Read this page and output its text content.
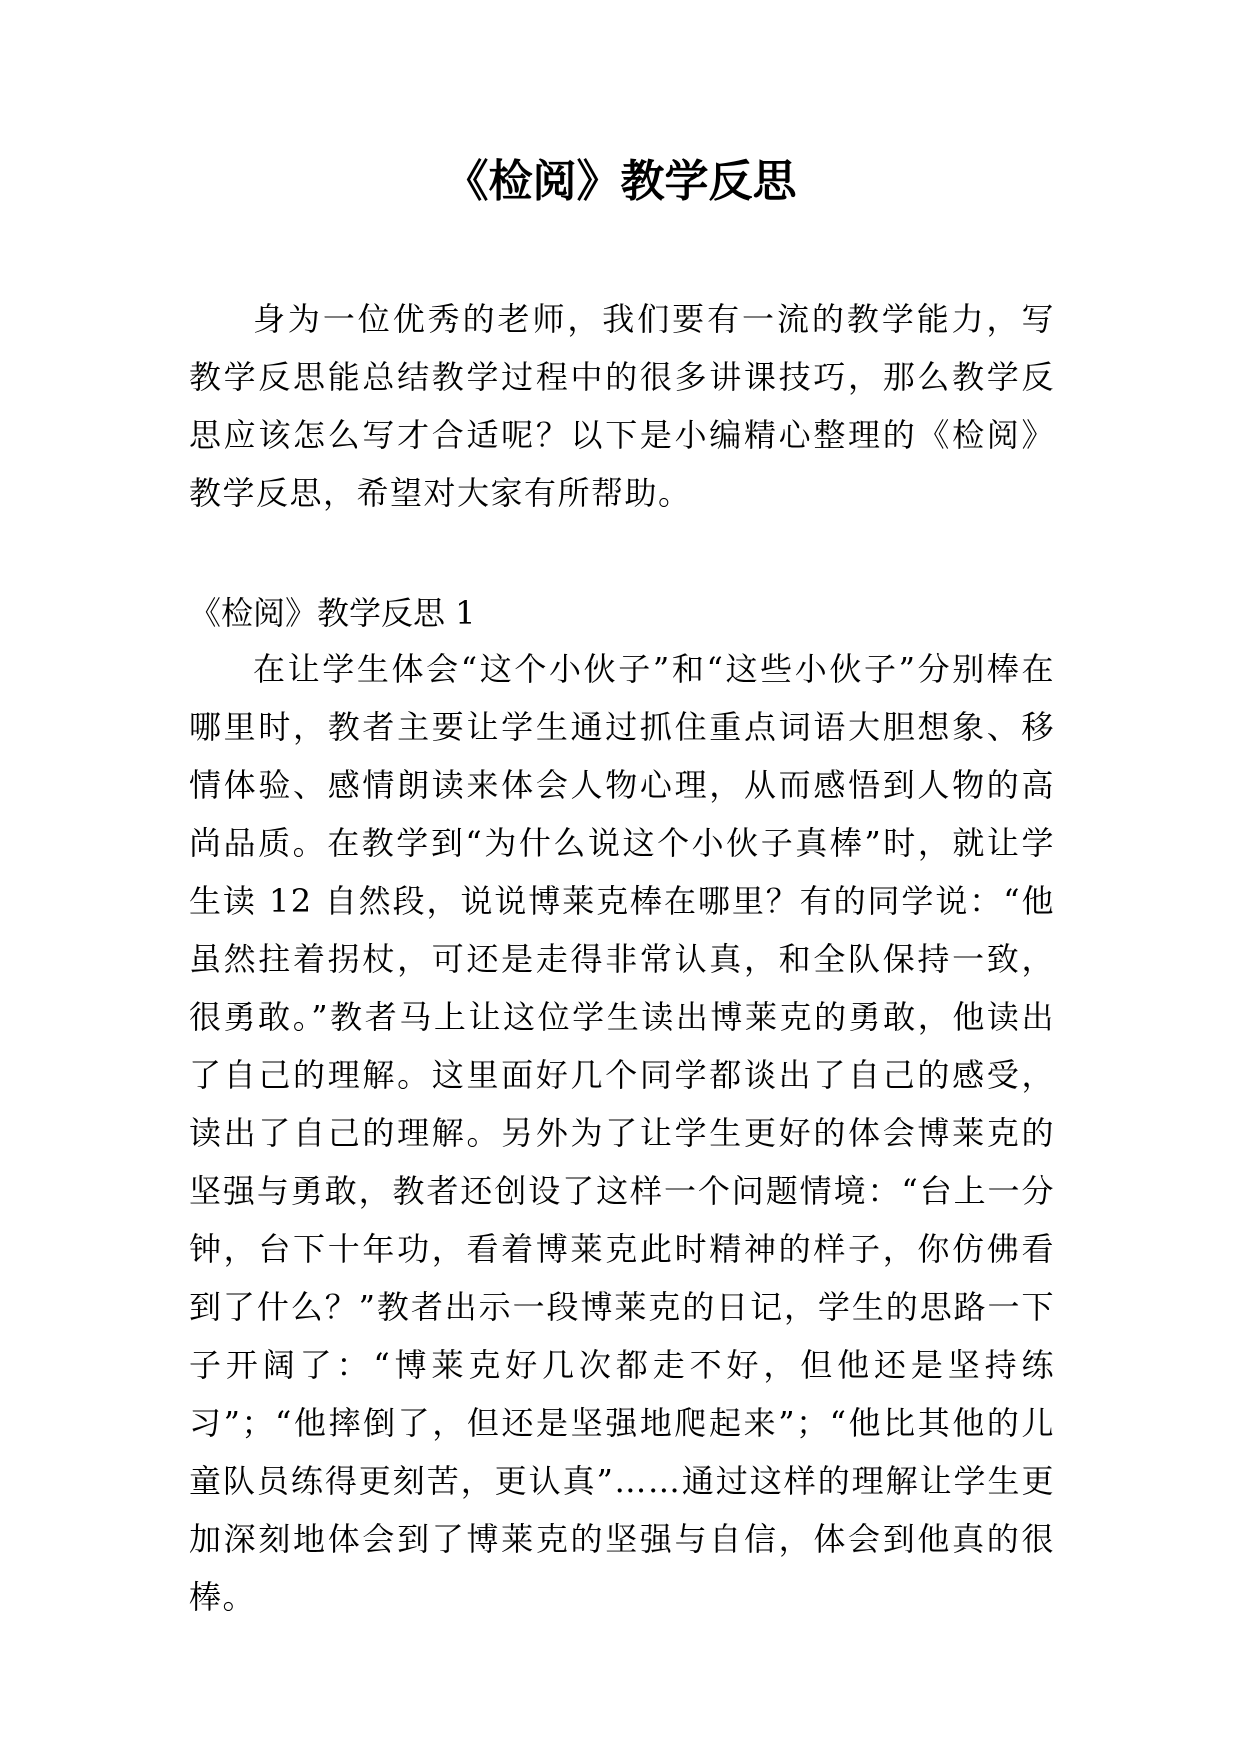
《检阅》教学反思

身为一位优秀的老师，我们要有一流的教学能力，写教学反思能总结教学过程中的很多讲课技巧，那么教学反思应该怎么写才合适呢？以下是小编精心整理的《检阅》教学反思，希望对大家有所帮助。

《检阅》教学反思 1

在让学生体会“这个小伙子”和“这些小伙子”分别棒在哪里时，教者主要让学生通过抓住重点词语大胆想象、移情体验、感情朗读来体会人物心理，从而感悟到人物的高尚品质。在教学到“为什么说这个小伙子真棒”时，就让学生读 12 自然段，说说博莱克棒在哪里？有的同学说：“他虽然拄着拐杖，可还是走得非常认真，和全队保持一致，很勇敢。”教者马上让这位学生读出博莱克的勇敢，他读出了自己的理解。这里面好几个同学都谈出了自己的感受，读出了自己的理解。另外为了让学生更好的体会博莱克的坚强与勇敢，教者还创设了这样一个问题情境：“台上一分钟，台下十年功，看着博莱克此时精神的样子，你仿佛看到了什么？”教者出示一段博莱克的日记，学生的思路一下子开阔了：“博莱克好几次都走不好，但他还是坚持练习”；“他摔倒了，但还是坚强地爬起来”；“他比其他的儿童队员练得更刻苦，更认真”……通过这样的理解让学生更加深刻地体会到了博莱克的坚强与自信，体会到他真的很棒。
